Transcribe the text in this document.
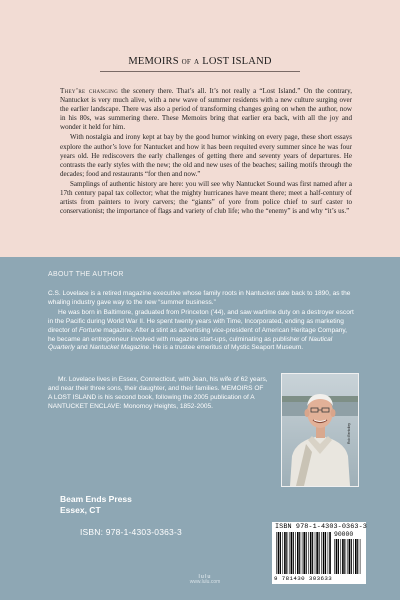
MEMOIRS of a LOST ISLAND

They’re changing the scenery there. That’s all. It’s not really a “Lost Island.” On the contrary, Nantucket is very much alive, with a new wave of summer residents with a new culture surging over the earlier landscape. There was also a period of transforming changes going on when the author, now in his 80s, was summering there. These Memoirs bring that earlier era back, with all the joy and wonder it held for him.

With nostalgia and irony kept at bay by the good humor winking on every page, these short essays explore the author’s love for Nantucket and how it has been requited every summer since he was four years old. He rediscovers the early challenges of getting there and seventy years of departures. He contrasts the early styles with the new; the old and new uses of the beaches; sailing motifs through the decades; food and restaurants “for then and now.”

Samplings of authentic history are here: you will see why Nantucket Sound was first named after a 17th century papal tax collector; what the mighty hurricanes have meant there; meet a half-century of artists from painters to ivory carvers; the “giants” of yore from police chief to surf caster to conservationist; the importance of flags and variety of club life; who the “enemy” is and why “it’s us.”

ABOUT THE AUTHOR

C.S. Lovelace is a retired magazine executive whose family roots in Nantucket date back to 1890, as the whaling industry gave way to the new “summer business.”

He was born in Baltimore, graduated from Princeton (’44), and saw wartime duty on a destroyer escort in the Pacific during World War II. He spent twenty years with Time, Incorporated, ending as marketing director of Fortune magazine. After a stint as advertising vice-president of American Heritage Company, he became an entrepreneur involved with magazine start-ups, culminating as publisher of Nautical Quarterly and Nantucket Magazine. He is a trustee emeritus of Mystic Seaport Museum.

Mr. Lovelace lives in Essex, Connecticut, with Jean, his wife of 62 years, and near their three sons, their daughter, and their families. MEMOIRS OF A LOST ISLAND is his second book, following the 2005 publication of A NANTUCKET ENCLAVE: Monomoy Heights, 1852-2005.
Rob Bertolley
Beam Ends Press
Essex, CT
ISBN: 978-1-4303-0363-3
lulu
www.lulu.com
ISBN 978-1-4303-0363-3
90000
9 781430 303633
